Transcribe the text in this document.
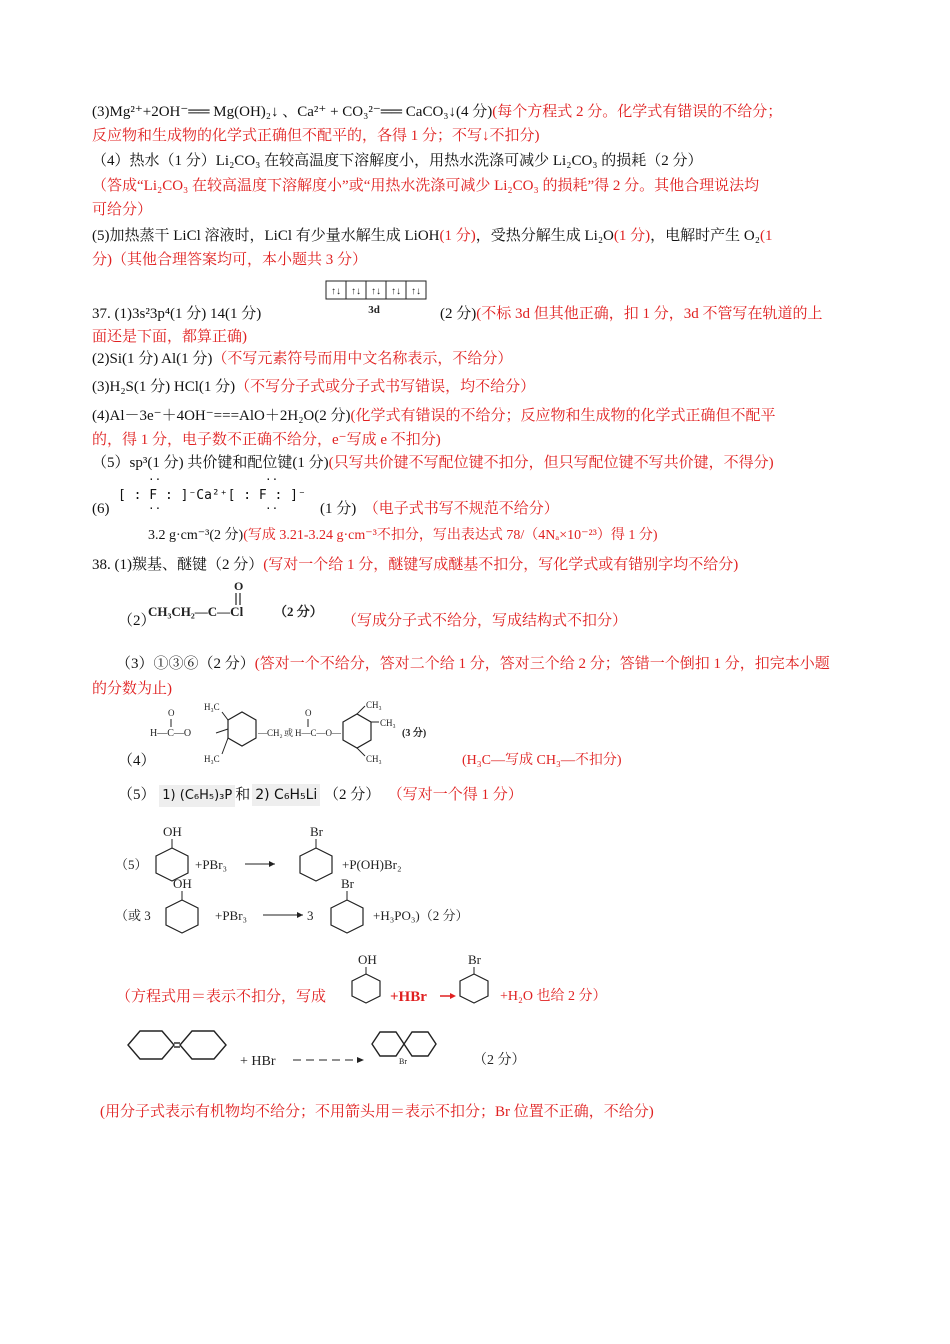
(3)Mg²⁺+2OH⁻══ Mg(OH)₂↓ 、Ca²⁺ + CO₃²⁻══ CaCO₃↓(4 分)(每个方程式 2 分。化学式有错误的不给分；
反应物和生成物的化学式正确但不配平的，各得 1 分；不写↓不扣分)
（4）热水（1 分）Li₂CO₃ 在较高温度下溶解度小，用热水洗涤可减少 Li₂CO₃ 的损耗（2 分）
（答成“Li₂CO₃ 在较高温度下溶解度小”或“用热水洗涤可减少 Li₂CO₃ 的损耗”得 2 分。其他合理说法均
可给分）
(5)加热蒸干 LiCl 溶液时，LiCl 有少量水解生成 LiOH(1 分)，受热分解生成 Li₂O(1 分)，电解时产生 O₂(1
分)（其他合理答案均可，本小题共 3 分）
↑↓ ↑↓ ↑↓ ↑↓ ↑↓
3d
37. (1)3s²3p⁴(1 分) 14(1 分)	(2 分)(不标 3d 但其他正确，扣 1 分，3d 不管写在轨道的上
面还是下面，都算正确)
(2)Si(1 分) Al(1 分)（不写元素符号而用中文名称表示，不给分）
(3)H₂S(1 分) HCl(1 分)（不写分子式或分子式书写错误，均不给分）
(4)Al－3e⁻＋4OH⁻===AlO＋2H₂O(2 分)(化学式有错误的不给分；反应物和生成物的化学式正确但不配平
的，得 1 分，电子数不正确不给分，e⁻写成 e 不扣分)
（5）sp³(1 分) 共价键和配位键(1 分)(只写共价键不写配位键不扣分，但只写配位键不写共价键，不得分)
(6)
··	··
[ : F : ]⁻Ca²⁺[ : F : ]⁻
··	··	(1 分) （电子式书写不规范不给分）
3.2 g·cm⁻³(2 分)(写成 3.21-3.24 g·cm⁻³不扣分，写出表达式 78/（4Nₐ×10⁻²³）得 1 分)
38. (1)羰基、醚键（2 分）(写对一个给 1 分，醚键写成醚基不扣分，写化学式或有错别字均不给分)
（2）
O
CH₃CH₂—C—Cl （2 分）
（写成分子式不给分，写成结构式不扣分）
（3）①③⑥（2 分）(答对一个不给分，答对二个给 1 分，答对三个给 2 分；答错一个倒扣 1 分，扣完本小题
的分数为止)
（4）
H—C—O
O
H₃C
H₃C
—CH₂ 或 H—C—O—
O
CH₃
CH₃
CH₃
(3 分)
(H₃C—写成 CH₃—不扣分)
（5） 1) (C₆H₅)₃P 和 2) C₆H₅Li （2 分） （写对一个得 1 分）
（5）
OH
+PBr₃
Br
+P(OH)Br₂
OH
（或 3	+PBr₃	3
Br
+H₃PO₃)（2 分）
OH	Br
（方程式用＝表示不扣分，写成	+HBr	+H₂O 也给 2 分）
+ HBr	Br	（2 分）
(用分子式表示有机物均不给分；不用箭头用＝表示不扣分；Br 位置不正确，不给分)
